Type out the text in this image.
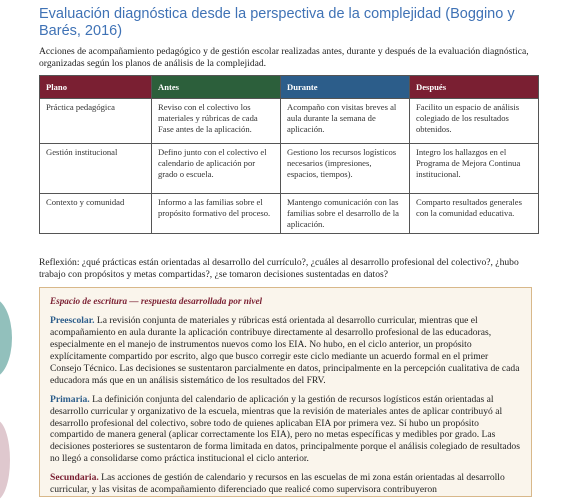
Evaluación diagnóstica desde la perspectiva de la complejidad (Boggino y Barés, 2016)

Acciones de acompañamiento pedagógico y de gestión escolar realizadas antes, durante y después de la evaluación diagnóstica, organizadas según los planos de análisis de la complejidad.

Plano	Antes	Durante	Después
Práctica pedagógica	Reviso con el colectivo los materiales y rúbricas de cada Fase antes de la aplicación.	Acompaño con visitas breves al aula durante la semana de aplicación.	Facilito un espacio de análisis colegiado de los resultados obtenidos.
Gestión institucional	Defino junto con el colectivo el calendario de aplicación por grado o escuela.	Gestiono los recursos logísticos necesarios (impresiones, espacios, tiempos).	Integro los hallazgos en el Programa de Mejora Continua institucional.
Contexto y comunidad	Informo a las familias sobre el propósito formativo del proceso.	Mantengo comunicación con las familias sobre el desarrollo de la aplicación.	Comparto resultados generales con la comunidad educativa.

Reflexión: ¿qué prácticas están orientadas al desarrollo del currículo?, ¿cuáles al desarrollo profesional del colectivo?, ¿hubo trabajo con propósitos y metas compartidas?, ¿se tomaron decisiones sustentadas en datos?

Espacio de escritura — respuesta desarrollada por nivel

Preescolar. La revisión conjunta de materiales y rúbricas está orientada al desarrollo curricular, mientras que el acompañamiento en aula durante la aplicación contribuye directamente al desarrollo profesional de las educadoras, especialmente en el manejo de instrumentos nuevos como los EIA. No hubo, en el ciclo anterior, un propósito explícitamente compartido por escrito, algo que busco corregir este ciclo mediante un acuerdo formal en el primer Consejo Técnico. Las decisiones se sustentaron parcialmente en datos, principalmente en la percepción cualitativa de cada educadora más que en un análisis sistemático de los resultados del FRV.

Primaria. La definición conjunta del calendario de aplicación y la gestión de recursos logísticos están orientadas al desarrollo curricular y organizativo de la escuela, mientras que la revisión de materiales antes de aplicar contribuyó al desarrollo profesional del colectivo, sobre todo de quienes aplicaban EIA por primera vez. Sí hubo un propósito compartido de manera general (aplicar correctamente los EIA), pero no metas específicas y medibles por grado. Las decisiones posteriores se sustentaron de forma limitada en datos, principalmente porque el análisis colegiado de resultados no llegó a consolidarse como práctica institucional el ciclo anterior.

Secundaria. Las acciones de gestión de calendario y recursos en las escuelas de mi zona están orientadas al desarrollo curricular, y las visitas de acompañamiento diferenciado que realicé como supervisora contribuyeron
